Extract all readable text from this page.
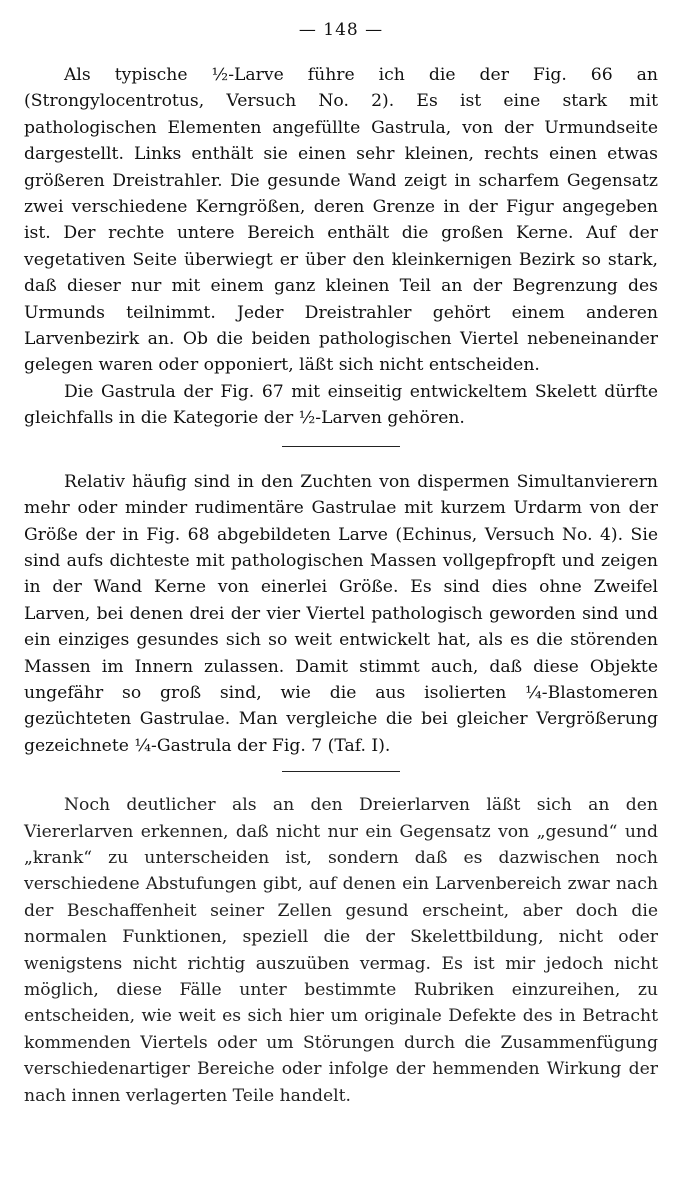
— 148 —

Als typische ½-Larve führe ich die der Fig. 66 an (Strongylocentrotus, Versuch No. 2). Es ist eine stark mit pathologischen Elementen angefüllte Gastrula, von der Urmundseite dargestellt. Links enthält sie einen sehr kleinen, rechts einen etwas größeren Dreistrahler. Die gesunde Wand zeigt in scharfem Gegensatz zwei verschiedene Kerngrößen, deren Grenze in der Figur angegeben ist. Der rechte untere Bereich enthält die großen Kerne. Auf der vegetativen Seite überwiegt er über den kleinkernigen Bezirk so stark, daß dieser nur mit einem ganz kleinen Teil an der Begrenzung des Urmunds teilnimmt. Jeder Dreistrahler gehört einem anderen Larvenbezirk an. Ob die beiden pathologischen Viertel nebeneinander gelegen waren oder opponiert, läßt sich nicht entscheiden.

Die Gastrula der Fig. 67 mit einseitig entwickeltem Skelett dürfte gleichfalls in die Kategorie der ½-Larven gehören.

Relativ häufig sind in den Zuchten von dispermen Simultanvierern mehr oder minder rudimentäre Gastrulae mit kurzem Urdarm von der Größe der in Fig. 68 abgebildeten Larve (Echinus, Versuch No. 4). Sie sind aufs dichteste mit pathologischen Massen vollgepfropft und zeigen in der Wand Kerne von einerlei Größe. Es sind dies ohne Zweifel Larven, bei denen drei der vier Viertel pathologisch geworden sind und ein einziges gesundes sich so weit entwickelt hat, als es die störenden Massen im Innern zulassen. Damit stimmt auch, daß diese Objekte ungefähr so groß sind, wie die aus isolierten ¼-Blastomeren gezüchteten Gastrulae. Man vergleiche die bei gleicher Vergrößerung gezeichnete ¼-Gastrula der Fig. 7 (Taf. I).

Noch deutlicher als an den Dreierlarven läßt sich an den Viererlarven erkennen, daß nicht nur ein Gegensatz von „gesund“ und „krank“ zu unterscheiden ist, sondern daß es dazwischen noch verschiedene Abstufungen gibt, auf denen ein Larvenbereich zwar nach der Beschaffenheit seiner Zellen gesund erscheint, aber doch die normalen Funktionen, speziell die der Skelettbildung, nicht oder wenigstens nicht richtig auszuüben vermag. Es ist mir jedoch nicht möglich, diese Fälle unter bestimmte Rubriken einzureihen, zu entscheiden, wie weit es sich hier um originale Defekte des in Betracht kommenden Viertels oder um Störungen durch die Zusammenfügung verschiedenartiger Bereiche oder infolge der hemmenden Wirkung der nach innen verlagerten Teile handelt.
